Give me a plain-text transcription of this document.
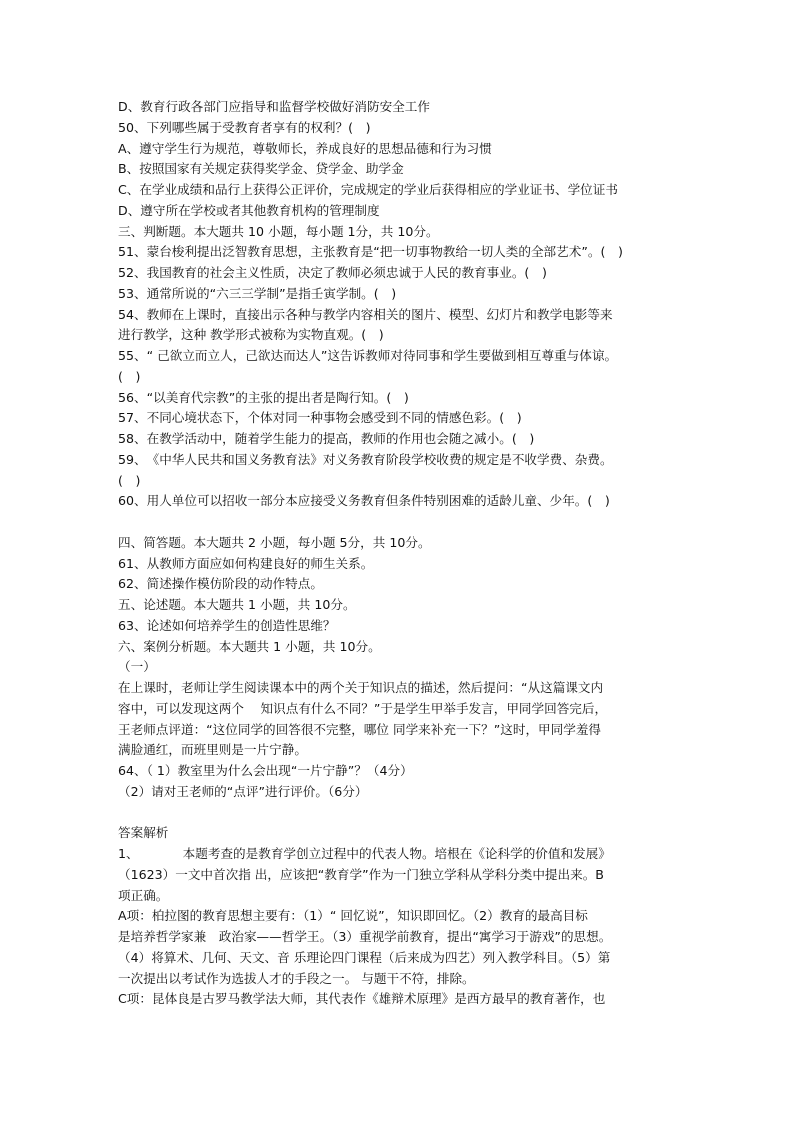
D、教育行政各部门应指导和监督学校做好消防安全工作
50、下列哪些属于受教育者享有的权利？(　)
A、遵守学生行为规范，尊敬师长，养成良好的思想品德和行为习惯
B、按照国家有关规定获得奖学金、贷学金、助学金
C、在学业成绩和品行上获得公正评价，完成规定的学业后获得相应的学业证书、学位证书
D、遵守所在学校或者其他教育机构的管理制度
三、判断题。本大题共 10 小题，每小题 1分，共 10分。
51、蒙台梭利提出泛智教育思想，主张教育是“把一切事物教给一切人类的全部艺术”。(　)
52、我国教育的社会主义性质，决定了教师必须忠诚于人民的教育事业。(　)
53、通常所说的“六三三学制”是指壬寅学制。(　)
54、教师在上课时，直接出示各种与教学内容相关的图片、模型、幻灯片和教学电影等来
进行教学，这种 教学形式被称为实物直观。(　)
55、“ 己欲立而立人，己欲达而达人”这告诉教师对待同事和学生要做到相互尊重与体谅。
(　)
56、“以美育代宗教”的主张的提出者是陶行知。(　)
57、不同心境状态下，个体对同一种事物会感受到不同的情感色彩。(　)
58、在教学活动中，随着学生能力的提高，教师的作用也会随之减小。(　)
59、　《中华人民共和国义务教育法》对义务教育阶段学校收费的规定是不收学费、杂费。
(　)
60、用人单位可以招收一部分本应接受义务教育但条件特别困难的适龄儿童、少年。(　)
四、简答题。本大题共 2 小题，每小题 5分，共 10分。
61、从教师方面应如何构建良好的师生关系。
62、简述操作模仿阶段的动作特点。
五、论述题。本大题共 1 小题，共 10分。
63、论述如何培养学生的创造性思维？
六、案例分析题。本大题共 1 小题，共 10分。
（一）
在上课时，老师让学生阅读课本中的两个关于知识点的描述，然后提问：“从这篇课文内
容中，可以发现这两个　 知识点有什么不同？”于是学生甲举手发言，甲同学回答完后，
王老师点评道：“这位同学的回答很不完整，哪位 同学来补充一下？”这时，甲同学羞得
满脸通红，而班里则是一片宁静。
64、（ 1）教室里为什么会出现“一片宁静”？（4分）
（2）请对王老师的“点评”进行评价。（6分）
答案解析
1、　　　　本题考查的是教育学创立过程中的代表人物。培根在《论科学的价值和发展》
（1623）一文中首次指 出，应该把“教育学”作为一门独立学科从学科分类中提出来。B
项正确。
A项：柏拉图的教育思想主要有：（1）“ 回忆说”，知识即回忆。（2）教育的最高目标
是培养哲学家兼　政治家——哲学王。（3）重视学前教育，提出“寓学习于游戏”的思想。
（4）将算术、几何、天文、音 乐理论四门课程（后来成为四艺）列入教学科目。（5）第
一次提出以考试作为选拔人才的手段之一。 与题干不符，排除。
C项：昆体良是古罗马教学法大师，其代表作《雄辩术原理》是西方最早的教育著作，也
